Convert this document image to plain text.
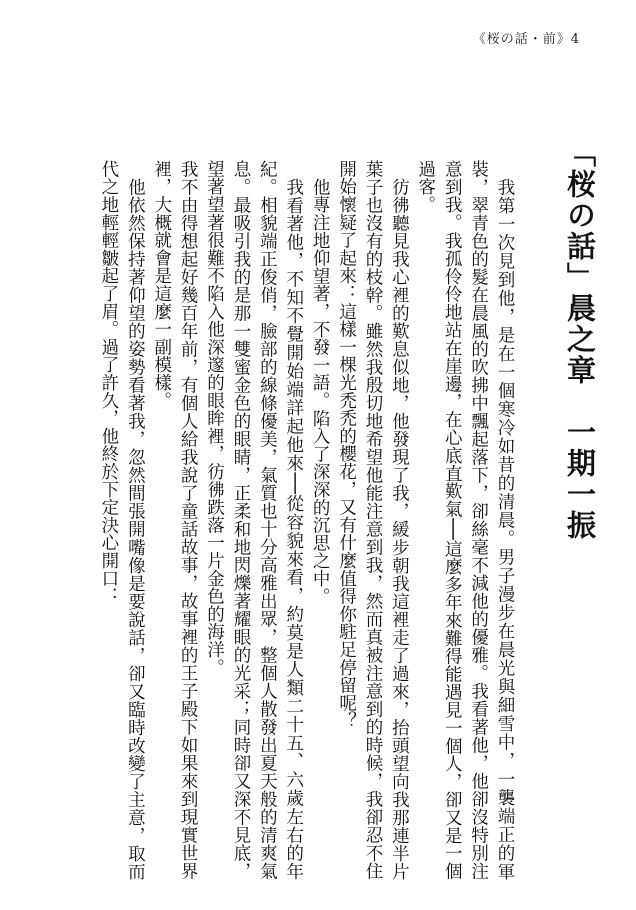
《桜の話・前》4
「桜の話」晨之章　一期一振

我第一次見到他，是在一個寒冷如昔的清晨。男子漫步在晨光與細雪中，一襲端正的軍裝，翠青色的髮在晨風的吹拂中飄起落下，卻絲毫不減他的優雅。我看著他，他卻沒特別注意到我。我孤伶伶地站在崖邊，在心底直歎氣──這麼多年來難得能遇見一個人，卻又是一個過客。

彷彿聽見我心裡的歎息似地，他發現了我，緩步朝我這裡走了過來，抬頭望向我那連半片葉子也沒有的枝幹。雖然我殷切地希望他能注意到我，然而真被注意到的時候，我卻忍不住開始懷疑了起來：這樣一棵光禿禿的櫻花，又有什麼值得你駐足停留呢？

他專注地仰望著，不發一語。陷入了深深的沉思之中。

我看著他，不知不覺開始端詳起他來──從容貌來看，約莫是人類二十五、六歲左右的年紀。相貌端正俊俏，臉部的線條優美，氣質也十分高雅出眾，整個人散發出夏天般的清爽氣息。最吸引我的是那一雙蜜金色的眼睛，正柔和地閃爍著耀眼的光采；同時卻又深不見底，望著望著很難不陷入他深邃的眼眸裡，彷彿跌落一片金色的海洋。

我不由得想起好幾百年前，有個人給我說了童話故事，故事裡的王子殿下如果來到現實世界裡，大概就會是這麼一副模樣。

他依然保持著仰望的姿勢看著我，忽然間張開嘴像是要說話，卻又臨時改變了主意，取而代之地輕輕皺起了眉。過了許久，他終於下定決心開口：
